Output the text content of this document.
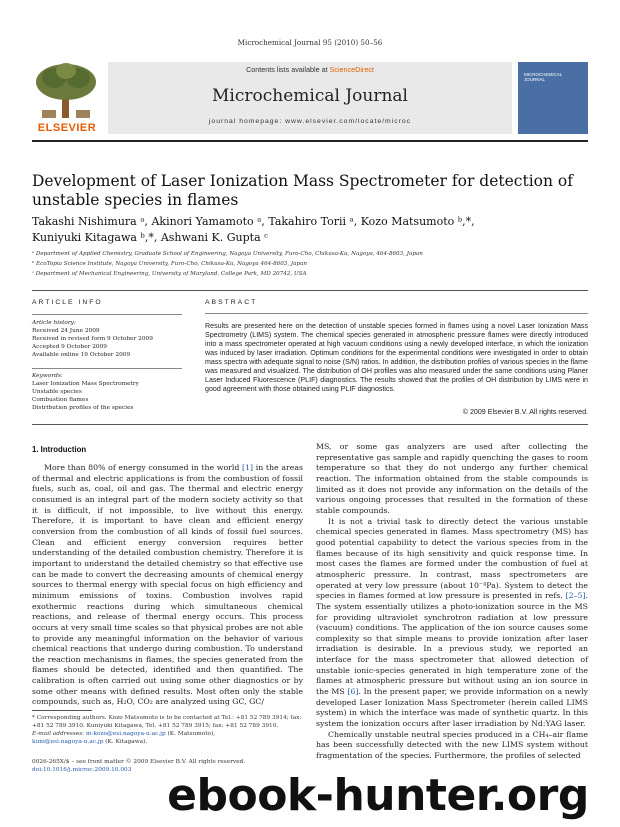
Microchemical Journal 95 (2010) 50–56
ELSEVIER
Contents lists available at ScienceDirect
Microchemical Journal
journal homepage: www.elsevier.com/locate/microc
MICROCHEMICAL JOURNAL
Development of Laser Ionization Mass Spectrometer for detection of unstable species in flames
Takashi Nishimura ᵃ, Akinori Yamamoto ᵃ, Takahiro Torii ᵃ, Kozo Matsumoto ᵇ,*,
Kuniyuki Kitagawa ᵇ,*, Ashwani K. Gupta ᶜ
ᵃ Department of Applied Chemistry, Graduate School of Engineering, Nagoya University, Furo-Cho, Chikusa-Ku, Nagoya, 464-8603, Japan
ᵇ EcoTopia Science Institute, Nagoya University, Furo-Cho, Chikusa-Ku, Nagoya 464-8603, Japan
ᶜ Department of Mechanical Engineering, University of Maryland, College Park, MD 20742, USA
ARTICLE INFO
Article history:
Received 24 June 2009
Received in revised form 9 October 2009
Accepted 9 October 2009
Available online 19 October 2009
Keywords:
Laser Ionization Mass Spectrometry
Unstable species
Combustion flames
Distribution profiles of the species
ABSTRACT
Results are presented here on the detection of unstable species formed in flames using a novel Laser Ionization Mass Spectrometry (LIMS) system. The chemical species generated in atmospheric pressure flames were directly introduced into a mass spectrometer operated at high vacuum conditions using a newly developed interface, in which the ionization was induced by laser irradiation. Optimum conditions for the experimental conditions were investigated in order to obtain mass spectra with adequate signal to noise (S/N) ratios. In addition, the distribution profiles of various species in the flame was measured and visualized. The distribution of OH profiles was also measured under the same conditions using Planer Laser Induced Fluorescence (PLIF) diagnostics. The results showed that the profiles of OH distribution by LIMS were in good agreement with those obtained using PLIF diagnostics.
© 2009 Elsevier B.V. All rights reserved.
1. Introduction

More than 80% of energy consumed in the world [1] in the areas of thermal and electric applications is from the combustion of fossil fuels, such as, coal, oil and gas. The thermal and electric energy consumed is an integral part of the modern society activity so that it is difficult, if not impossible, to live without this energy. Therefore, it is important to have clean and efficient energy conversion from the combustion of all kinds of fossil fuel sources. Clean and efficient energy conversion requires better understanding of the detailed combustion chemistry. Therefore it is important to understand the detailed chemistry so that effective use can be made to convert the decreasing amounts of chemical energy sources to thermal energy with special focus on high efficiency and minimum emissions of toxins. Combustion involves rapid exothermic reactions during which simultaneous chemical reactions, and release of thermal energy occurs. This process occurs at very small time scales so that physical probes are not able to provide any meaningful information on the behavior of various chemical reactions that undergo during combustion. To understand the reaction mechanisms in flames, the species generated from the flames should be detected, identified and then quantified. The calibration is often carried out using some other diagnostics or by some other means with defined results. Most often only the stable compounds, such as, H₂O, CO₂ are analyzed using GC, GC/

* Corresponding authors. Kozo Matsumoto is to be contacted at Tel.: +81 52 789 3914; fax: +81 52 789 3910. Kuniyuki Kitagawa, Tel. +81 52 789 3915; fax: +81 52 789 3910.
E-mail addresses: m-kozo@esi.nagoya-u.ac.jp (K. Matsumoto),
kuni@esi.nagoya-u.ac.jp (K. Kitagawa).
0026-265X/$ – see front matter © 2009 Elsevier B.V. All rights reserved.
doi:10.1016/j.microc.2009.10.003

MS, or some gas analyzers are used after collecting the representative gas sample and rapidly quenching the gases to room temperature so that they do not undergo any further chemical reaction. The information obtained from the stable compounds is limited as it does not provide any information on the details of the various ongoing processes that resulted in the formation of these stable compounds.

It is not a trivial task to directly detect the various unstable chemical species generated in flames. Mass spectrometry (MS) has good potential capability to detect the various species from in the flames because of its high sensitivity and quick response time. In most cases the flames are formed under the combustion of fuel at atmospheric pressure. In contrast, mass spectrometers are operated at very low pressure (about 10⁻⁴Pa). System to detect the species in flames formed at low pressure is presented in refs. [2–5]. The system essentially utilizes a photo-ionization source in the MS for providing ultraviolet synchrotron radiation at low pressure (vacuum) conditions. The application of the ion source causes some complexity so that simple means to provide ionization after laser irradiation is desirable. In a previous study, we reported an interface for the mass spectrometer that allowed detection of unstable ionic-species generated in high temperature zone of the flames at atmospheric pressure but without using an ion source in the MS [6]. In the present paper, we provide information on a newly developed Laser Ionization Mass Spectrometer (herein called LIMS system) in which the interface was made of synthetic quartz. In this system the ionization occurs after laser irradiation by Nd:YAG laser.

Chemically unstable neutral species produced in a CH₄–air flame has been successfully detected with the new LIMS system without fragmentation of the species. Furthermore, the profiles of selected

ebook-hunter.org
